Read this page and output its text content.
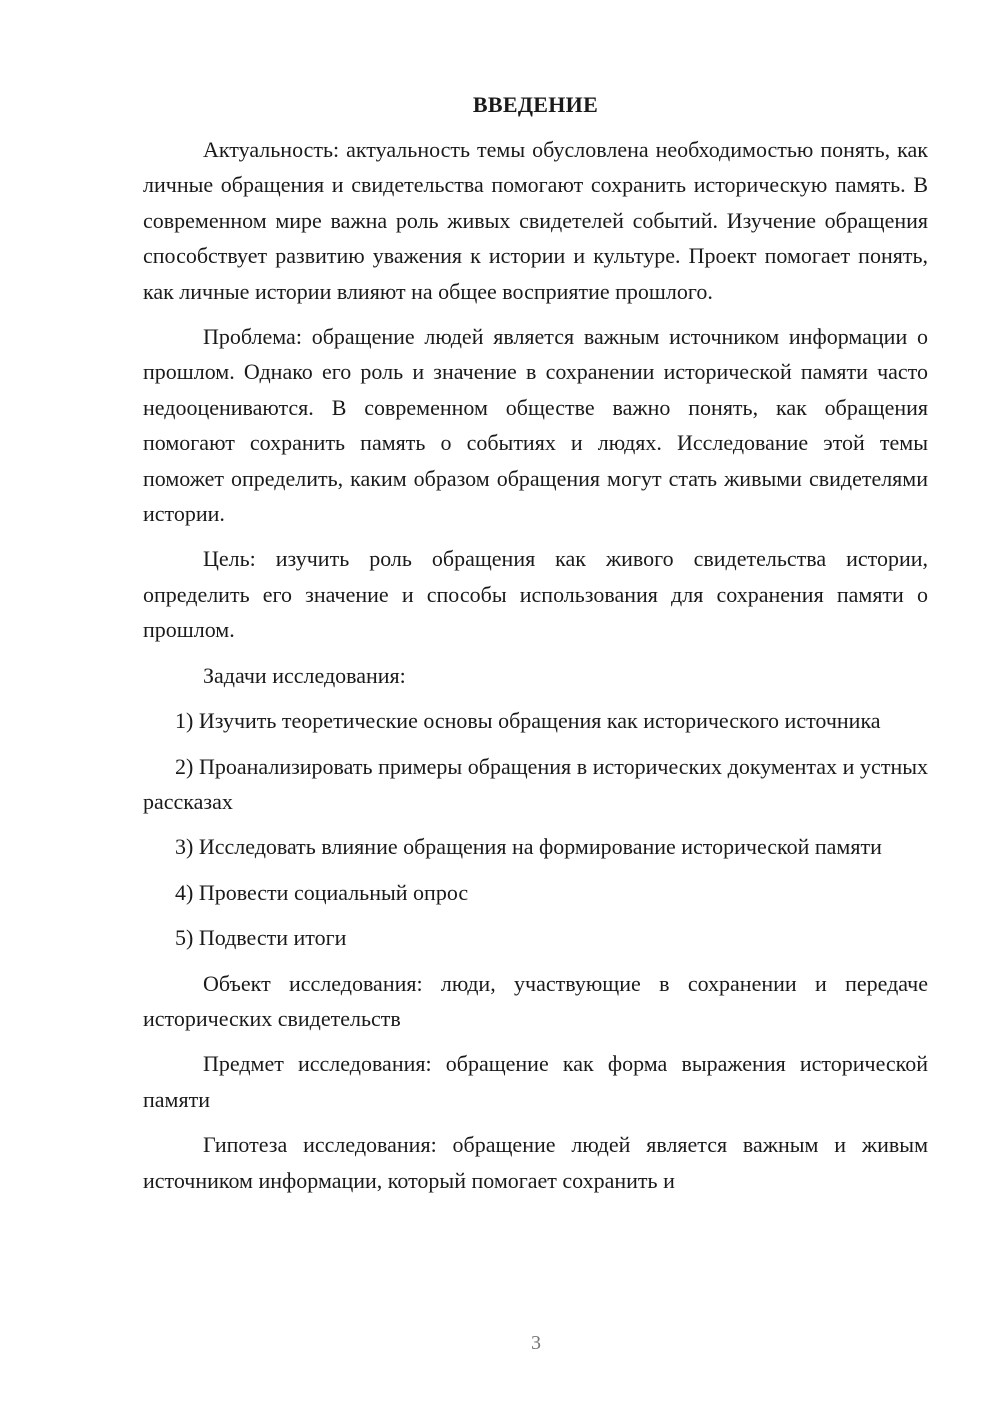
ВВЕДЕНИЕ

Актуальность: актуальность темы обусловлена необходимостью понять, как личные обращения и свидетельства помогают сохранить историческую память. В современном мире важна роль живых свидетелей событий. Изучение обращения способствует развитию уважения к истории и культуре. Проект помогает понять, как личные истории влияют на общее восприятие прошлого.

Проблема: обращение людей является важным источником информации о прошлом. Однако его роль и значение в сохранении исторической памяти часто недооцениваются. В современном обществе важно понять, как обращения помогают сохранить память о событиях и людях. Исследование этой темы поможет определить, каким образом обращения могут стать живыми свидетелями истории.

Цель: изучить роль обращения как живого свидетельства истории, определить его значение и способы использования для сохранения памяти о прошлом.

Задачи исследования:

1) Изучить теоретические основы обращения как исторического источника

2) Проанализировать примеры обращения в исторических документах и устных рассказах

3) Исследовать влияние обращения на формирование исторической памяти

4) Провести социальный опрос

5) Подвести итоги

Объект исследования: люди, участвующие в сохранении и передаче исторических свидетельств

Предмет исследования: обращение как форма выражения исторической памяти

Гипотеза исследования: обращение людей является важным и живым источником информации, который помогает сохранить и

3
